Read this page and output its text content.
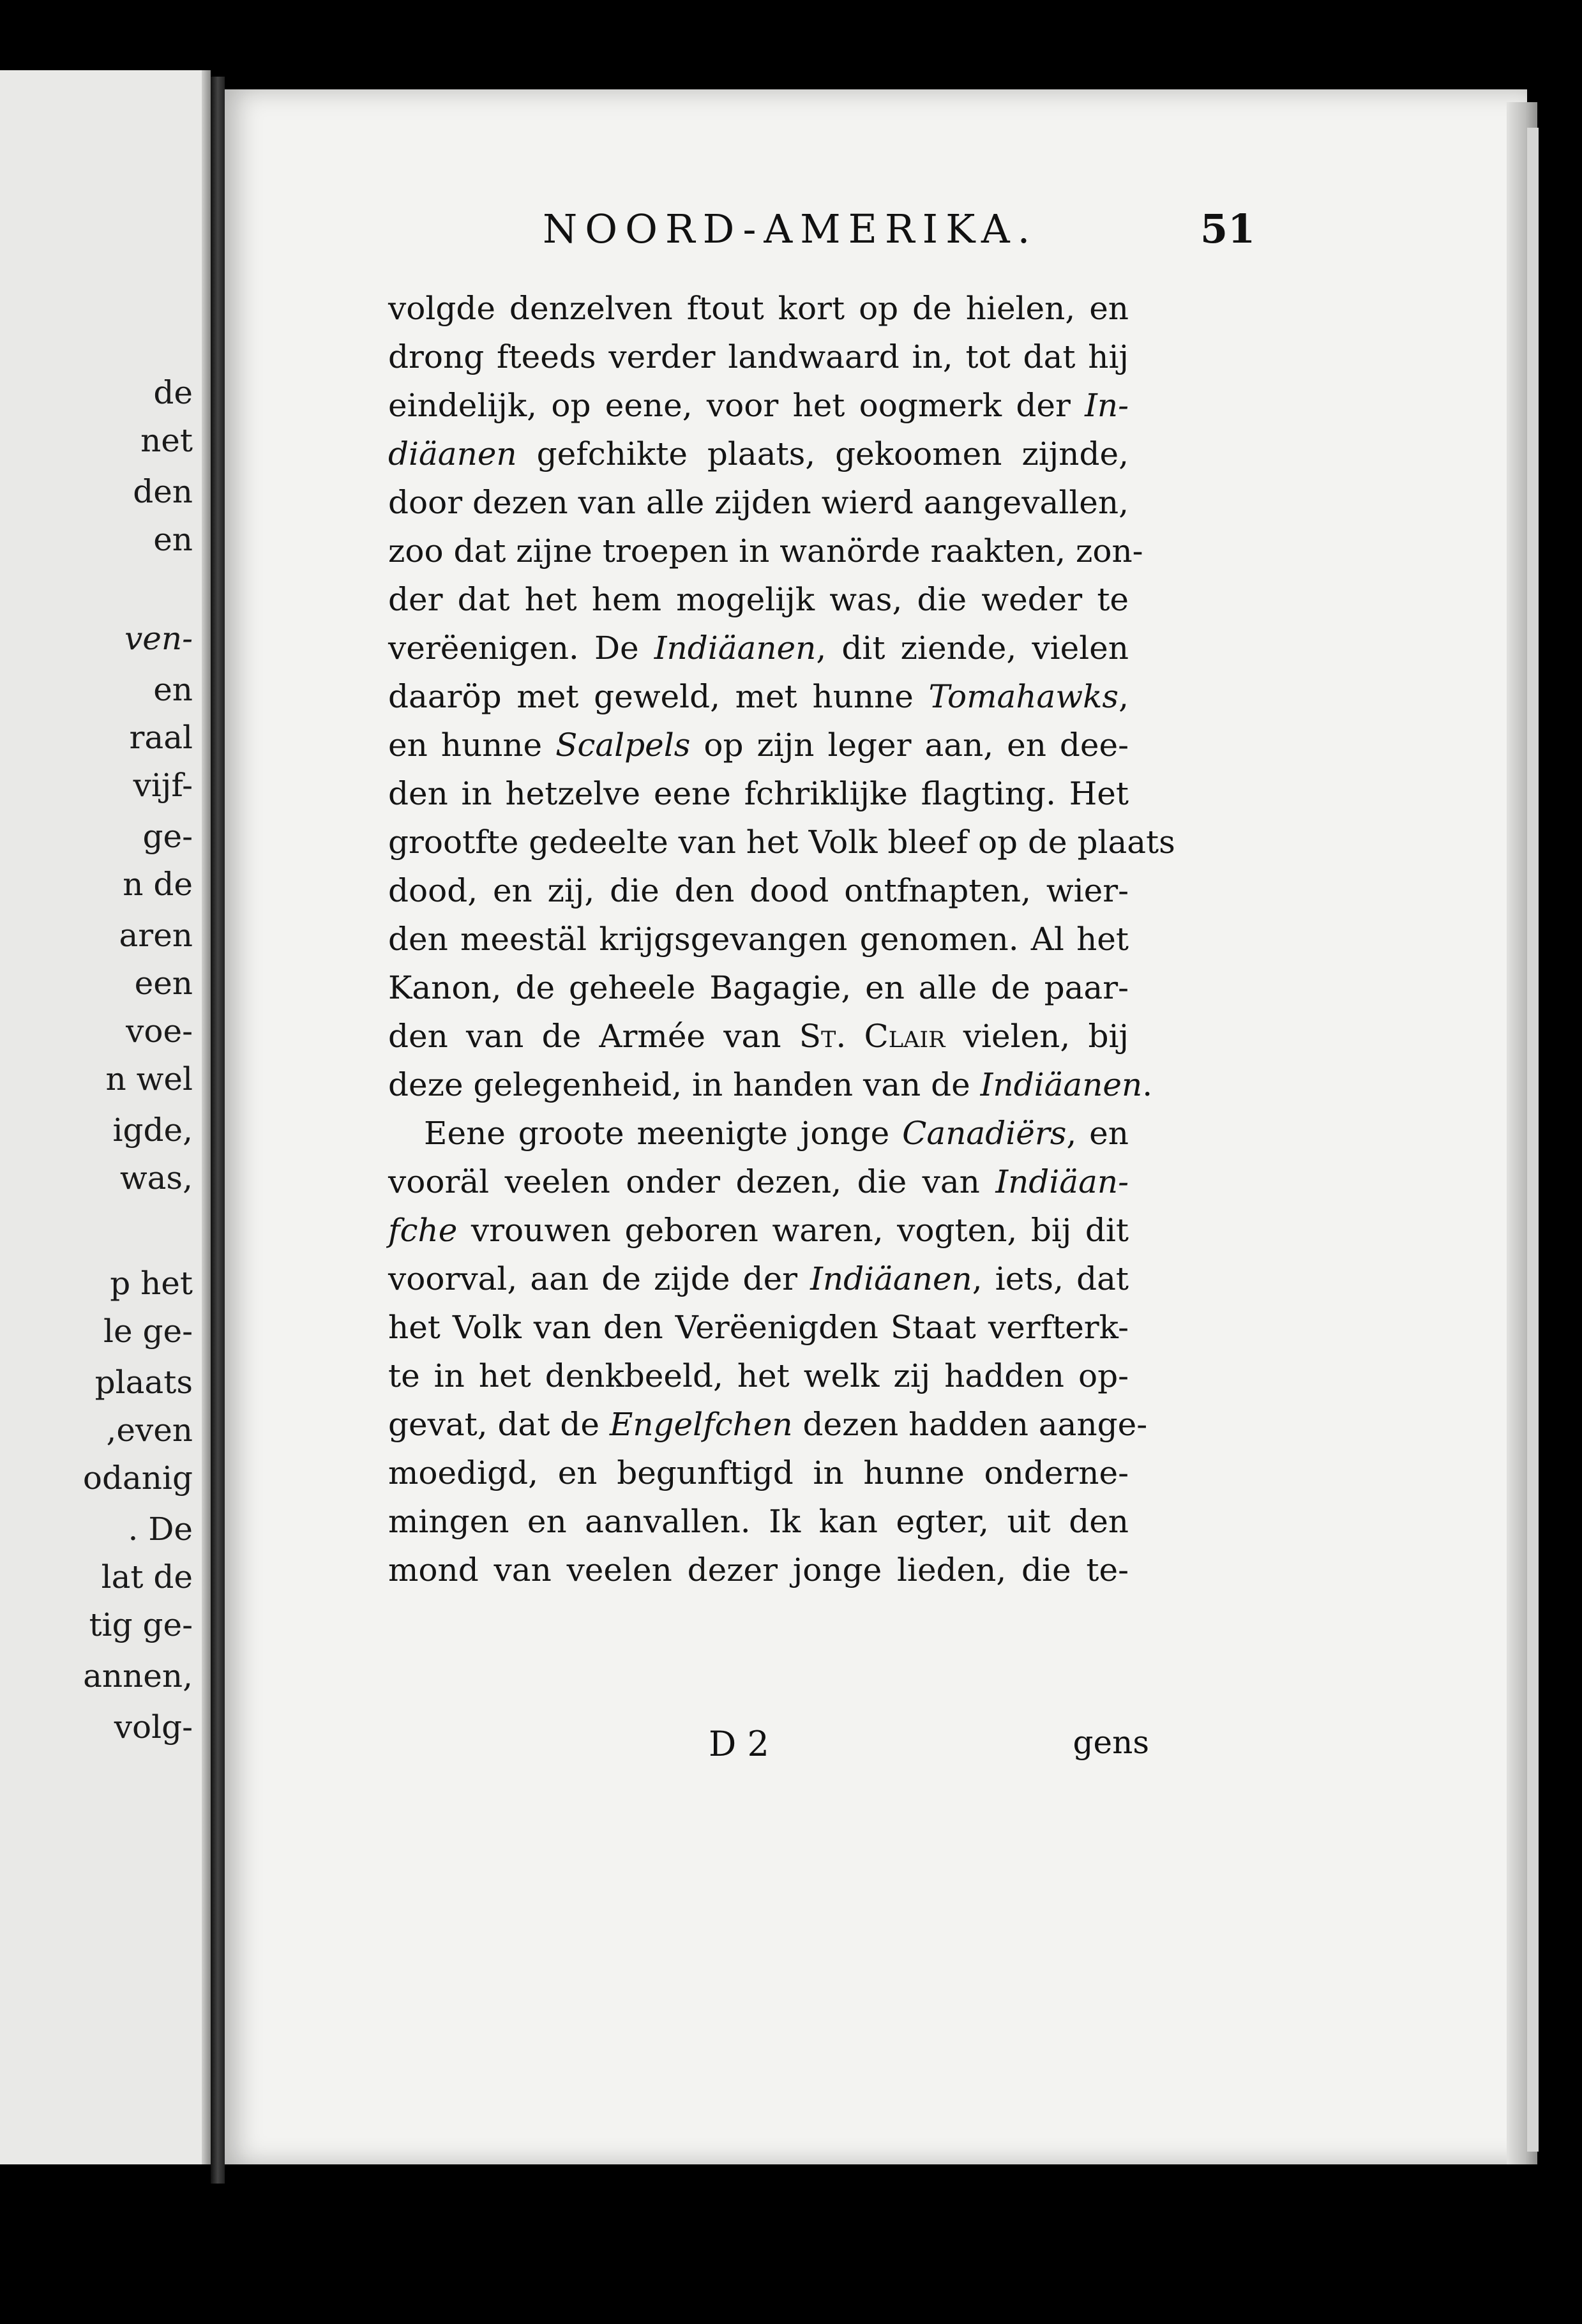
de
net
den
en
ven-
en
raal
vijf-
ge-
n de
aren
een
voe-
n wel
igde,
was,
p het
le ge-
plaats
,even
odanig
. De
lat de
tig ge-
annen,
volg-
NOORD-AMERIKA.	51
volgde denzelven ftout kort op de hielen, en
drong fteeds verder landwaard in, tot dat hij
eindelijk, op eene, voor het oogmerk der In-
diäanen gefchikte plaats, gekoomen zijnde,
door dezen van alle zijden wierd aangevallen,
zoo dat zijne troepen in wanörde raakten, zon-
der dat het hem mogelijk was, die weder te
verëenigen. De Indiäanen, dit ziende, vielen
daaröp met geweld, met hunne Tomahawks,
en hunne Scalpels op zijn leger aan, en dee-
den in hetzelve eene fchriklijke flagting. Het
grootfte gedeelte van het Volk bleef op de plaats
dood, en zij, die den dood ontfnapten, wier-
den meestäl krijgsgevangen genomen. Al het
Kanon, de geheele Bagagie, en alle de paar-
den van de Armée van St. Clair vielen, bij
deze gelegenheid, in handen van de Indiäanen.
Eene groote meenigte jonge Canadiërs, en
vooräl veelen onder dezen, die van Indiäan-
fche vrouwen geboren waren, vogten, bij dit
voorval, aan de zijde der Indiäanen, iets, dat
het Volk van den Verëenigden Staat verfterk-
te in het denkbeeld, het welk zij hadden op-
gevat, dat de Engelfchen dezen hadden aange-
moedigd, en begunftigd in hunne onderne-
mingen en aanvallen. Ik kan egter, uit den
mond van veelen dezer jonge lieden, die te-
D 2	gens
